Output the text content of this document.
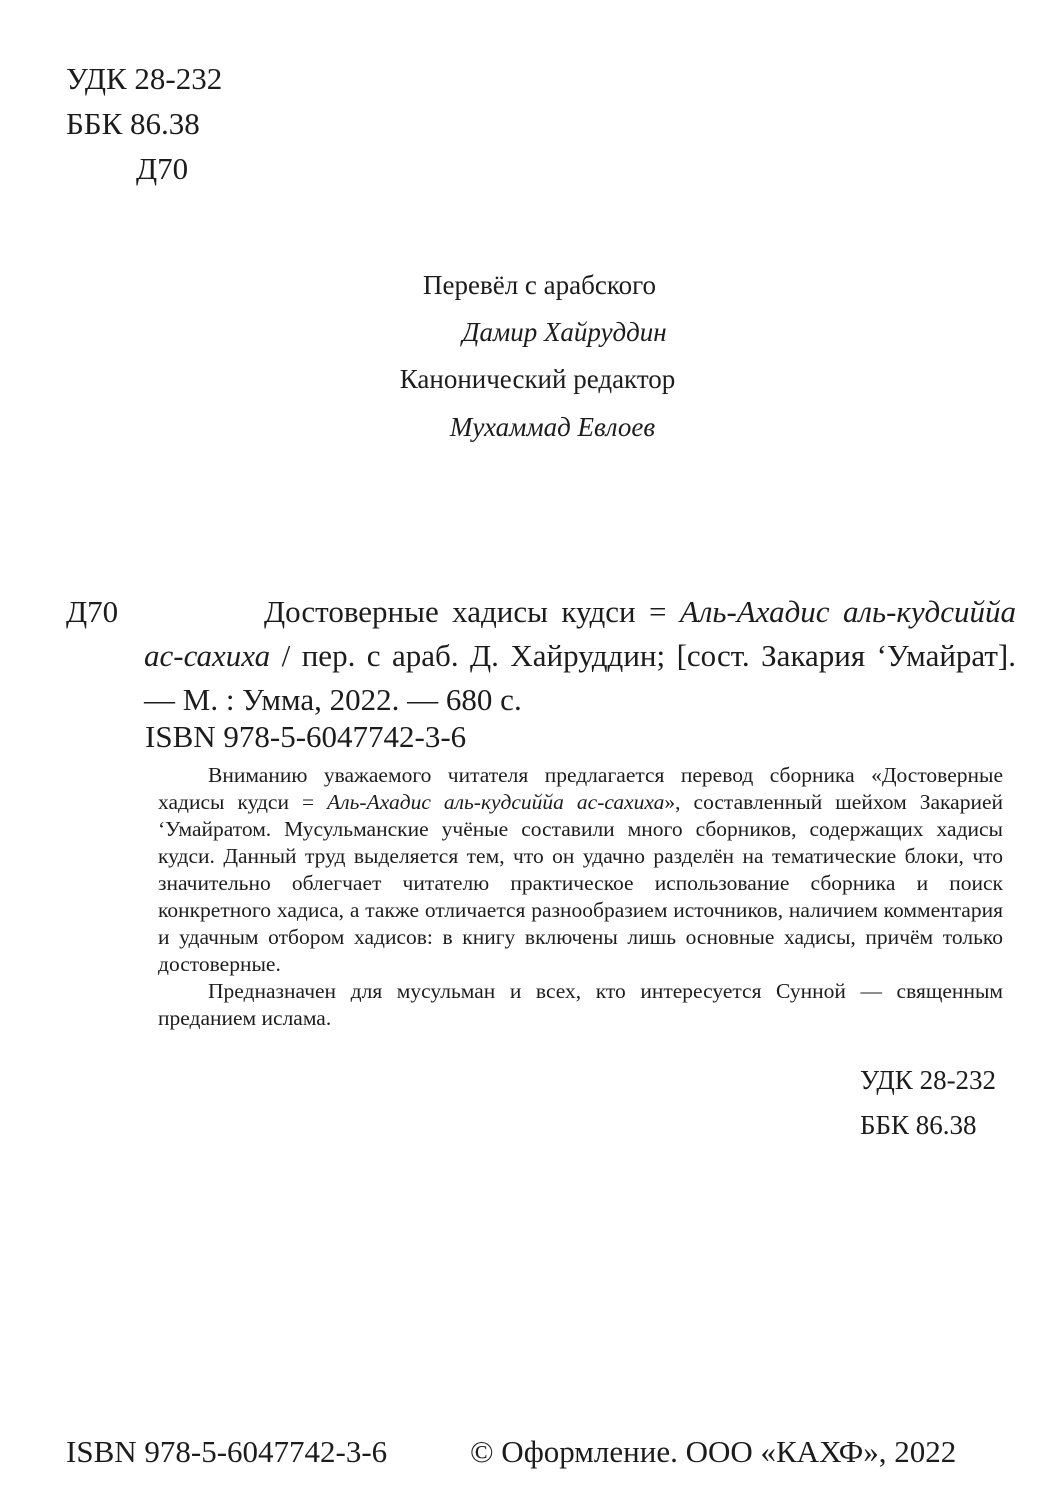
УДК 28-232
ББК 86.38
Д70
Перевёл с арабского
Дамир Хайруддин
Канонический редактор
Мухаммад Евлоев
Д70	Достоверные хадисы кудси = Аль-Ахадис аль-кудсиййа ас-сахиха / пер. с араб. Д. Хайруддин; [сост. Закария ʻУмайрат]. — М. : Умма, 2022. — 680 с.
ISBN 978-5-6047742-3-6

Вниманию уважаемого читателя предлагается перевод сборника «Достоверные хадисы кудси = Аль-Ахадис аль-кудсиййа ас-сахиха», составленный шейхом Закарией ʻУмайратом. Мусульманские учёные составили много сборников, содержащих хадисы кудси. Данный труд выделяется тем, что он удачно разделён на тематические блоки, что значительно облегчает читателю практическое использование сборника и поиск конкретного хадиса, а также отличается разнообразием источников, наличием комментария и удачным отбором хадисов: в книгу включены лишь основные хадисы, причём только достоверные.

Предназначен для мусульман и всех, кто интересуется Сунной — священным преданием ислама.

УДК 28-232
ББК 86.38
ISBN 978-5-6047742-3-6	© Оформление. ООО «КАХФ», 2022
